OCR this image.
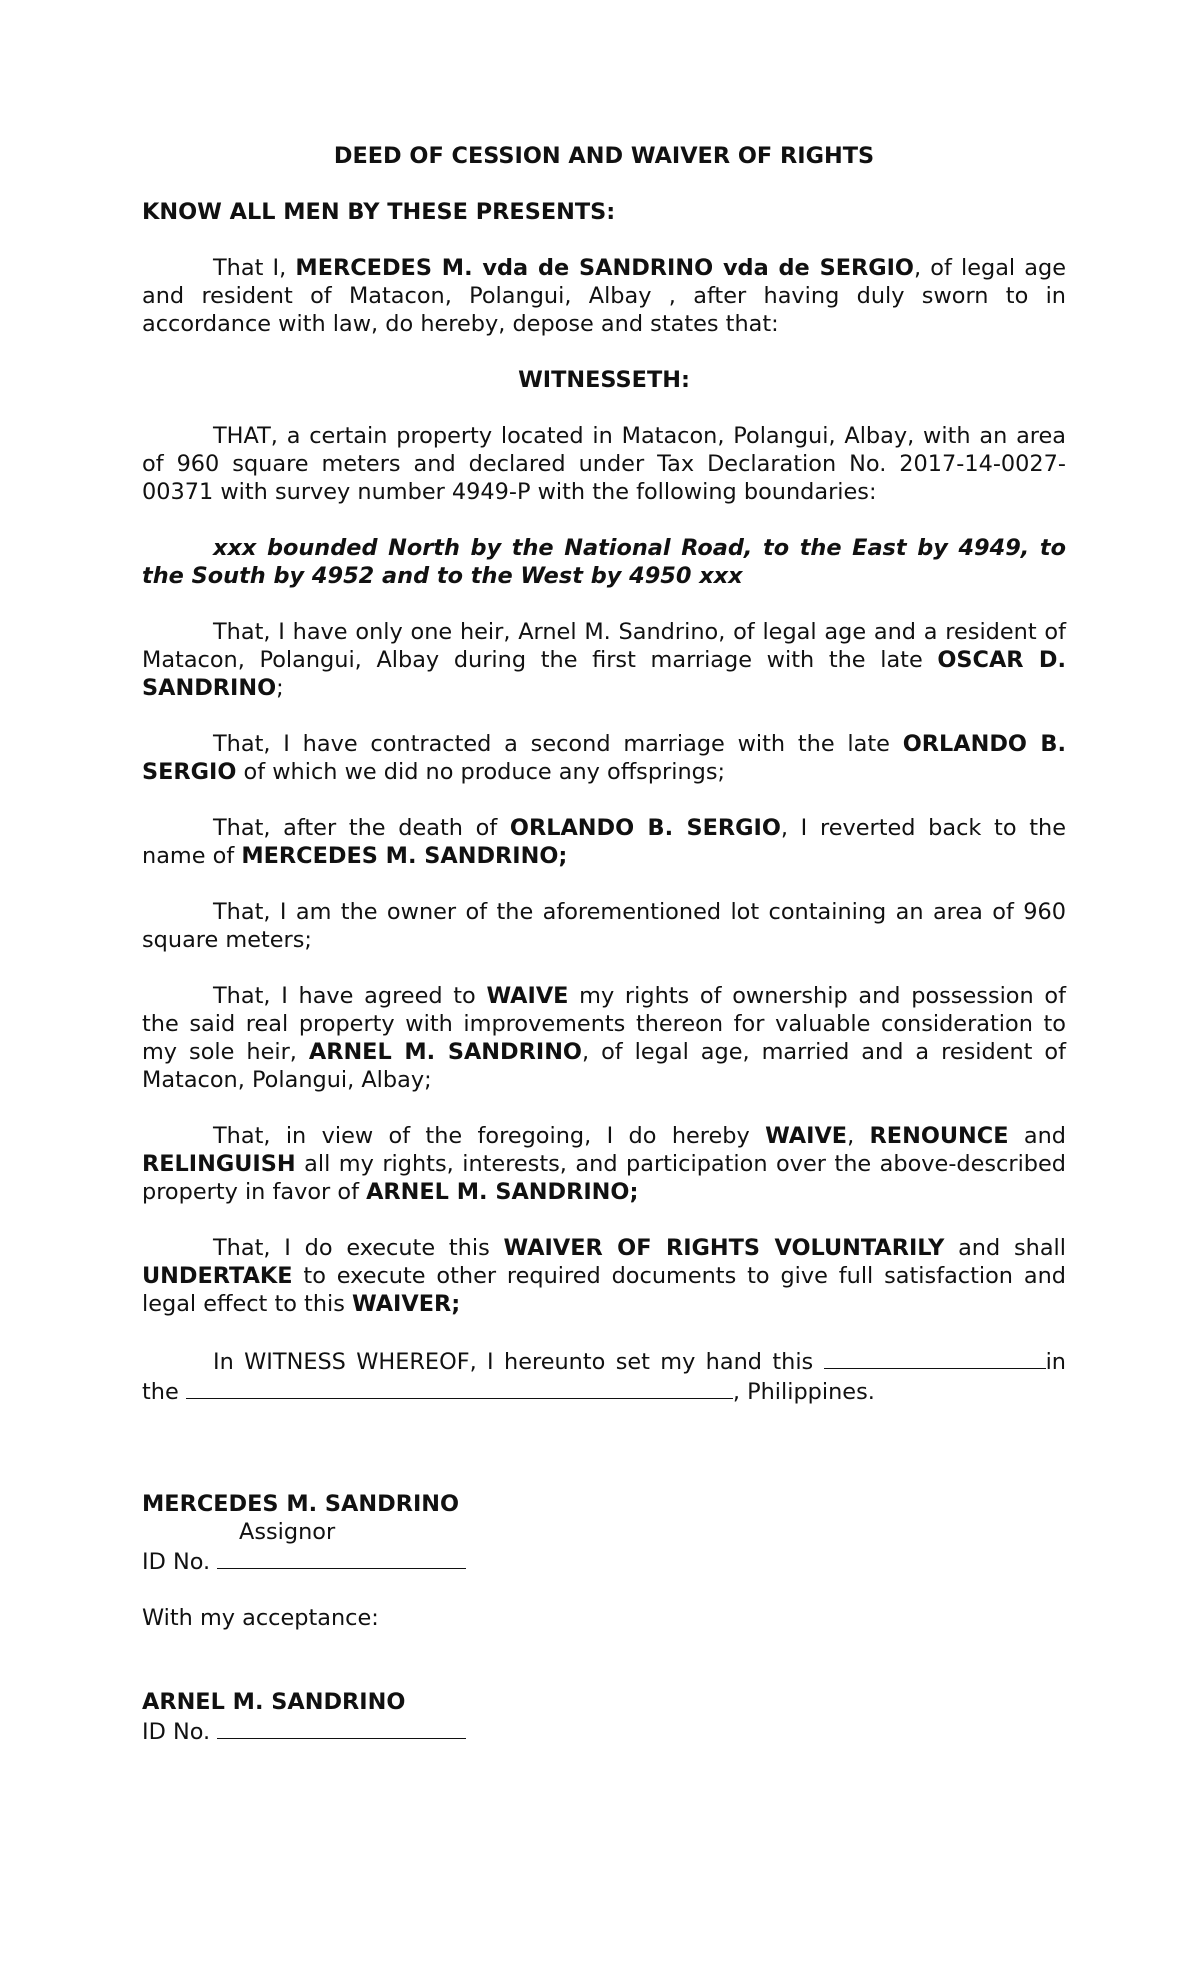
DEED OF CESSION AND WAIVER OF RIGHTS
KNOW ALL MEN BY THESE PRESENTS:

That I, MERCEDES M. vda de SANDRINO vda de SERGIO, of legal age and resident of Matacon, Polangui, Albay , after having duly sworn to in accordance with law, do hereby, depose and states that:

WITNESSETH:

THAT, a certain property located in Matacon, Polangui, Albay, with an area of 960 square meters and declared under Tax Declaration No. 2017-14-0027-00371 with survey number 4949-P with the following boundaries:

xxx bounded North by the National Road, to the East by 4949, to the South by 4952 and to the West by 4950 xxx

That, I have only one heir, Arnel M. Sandrino, of legal age and a resident of Matacon, Polangui, Albay during the first marriage with the late OSCAR D. SANDRINO;

That, I have contracted a second marriage with the late ORLANDO B. SERGIO of which we did no produce any offsprings;

That, after the death of ORLANDO B. SERGIO, I reverted back to the name of MERCEDES M. SANDRINO;

That, I am the owner of the aforementioned lot containing an area of 960 square meters;

That, I have agreed to WAIVE my rights of ownership and possession of the said real property with improvements thereon for valuable consideration to my sole heir, ARNEL M. SANDRINO, of legal age, married and a resident of Matacon, Polangui, Albay;

That, in view of the foregoing, I do hereby WAIVE, RENOUNCE and RELINGUISH all my rights, interests, and participation over the above-described property in favor of ARNEL M. SANDRINO;

That, I do execute this WAIVER OF RIGHTS VOLUNTARILY and shall UNDERTAKE to execute other required documents to give full satisfaction and legal effect to this WAIVER;

In WITNESS WHEREOF, I hereunto set my hand this	in the	, Philippines.

MERCEDES M. SANDRINO
Assignor
ID No.
With my acceptance:
ARNEL M. SANDRINO
ID No.
